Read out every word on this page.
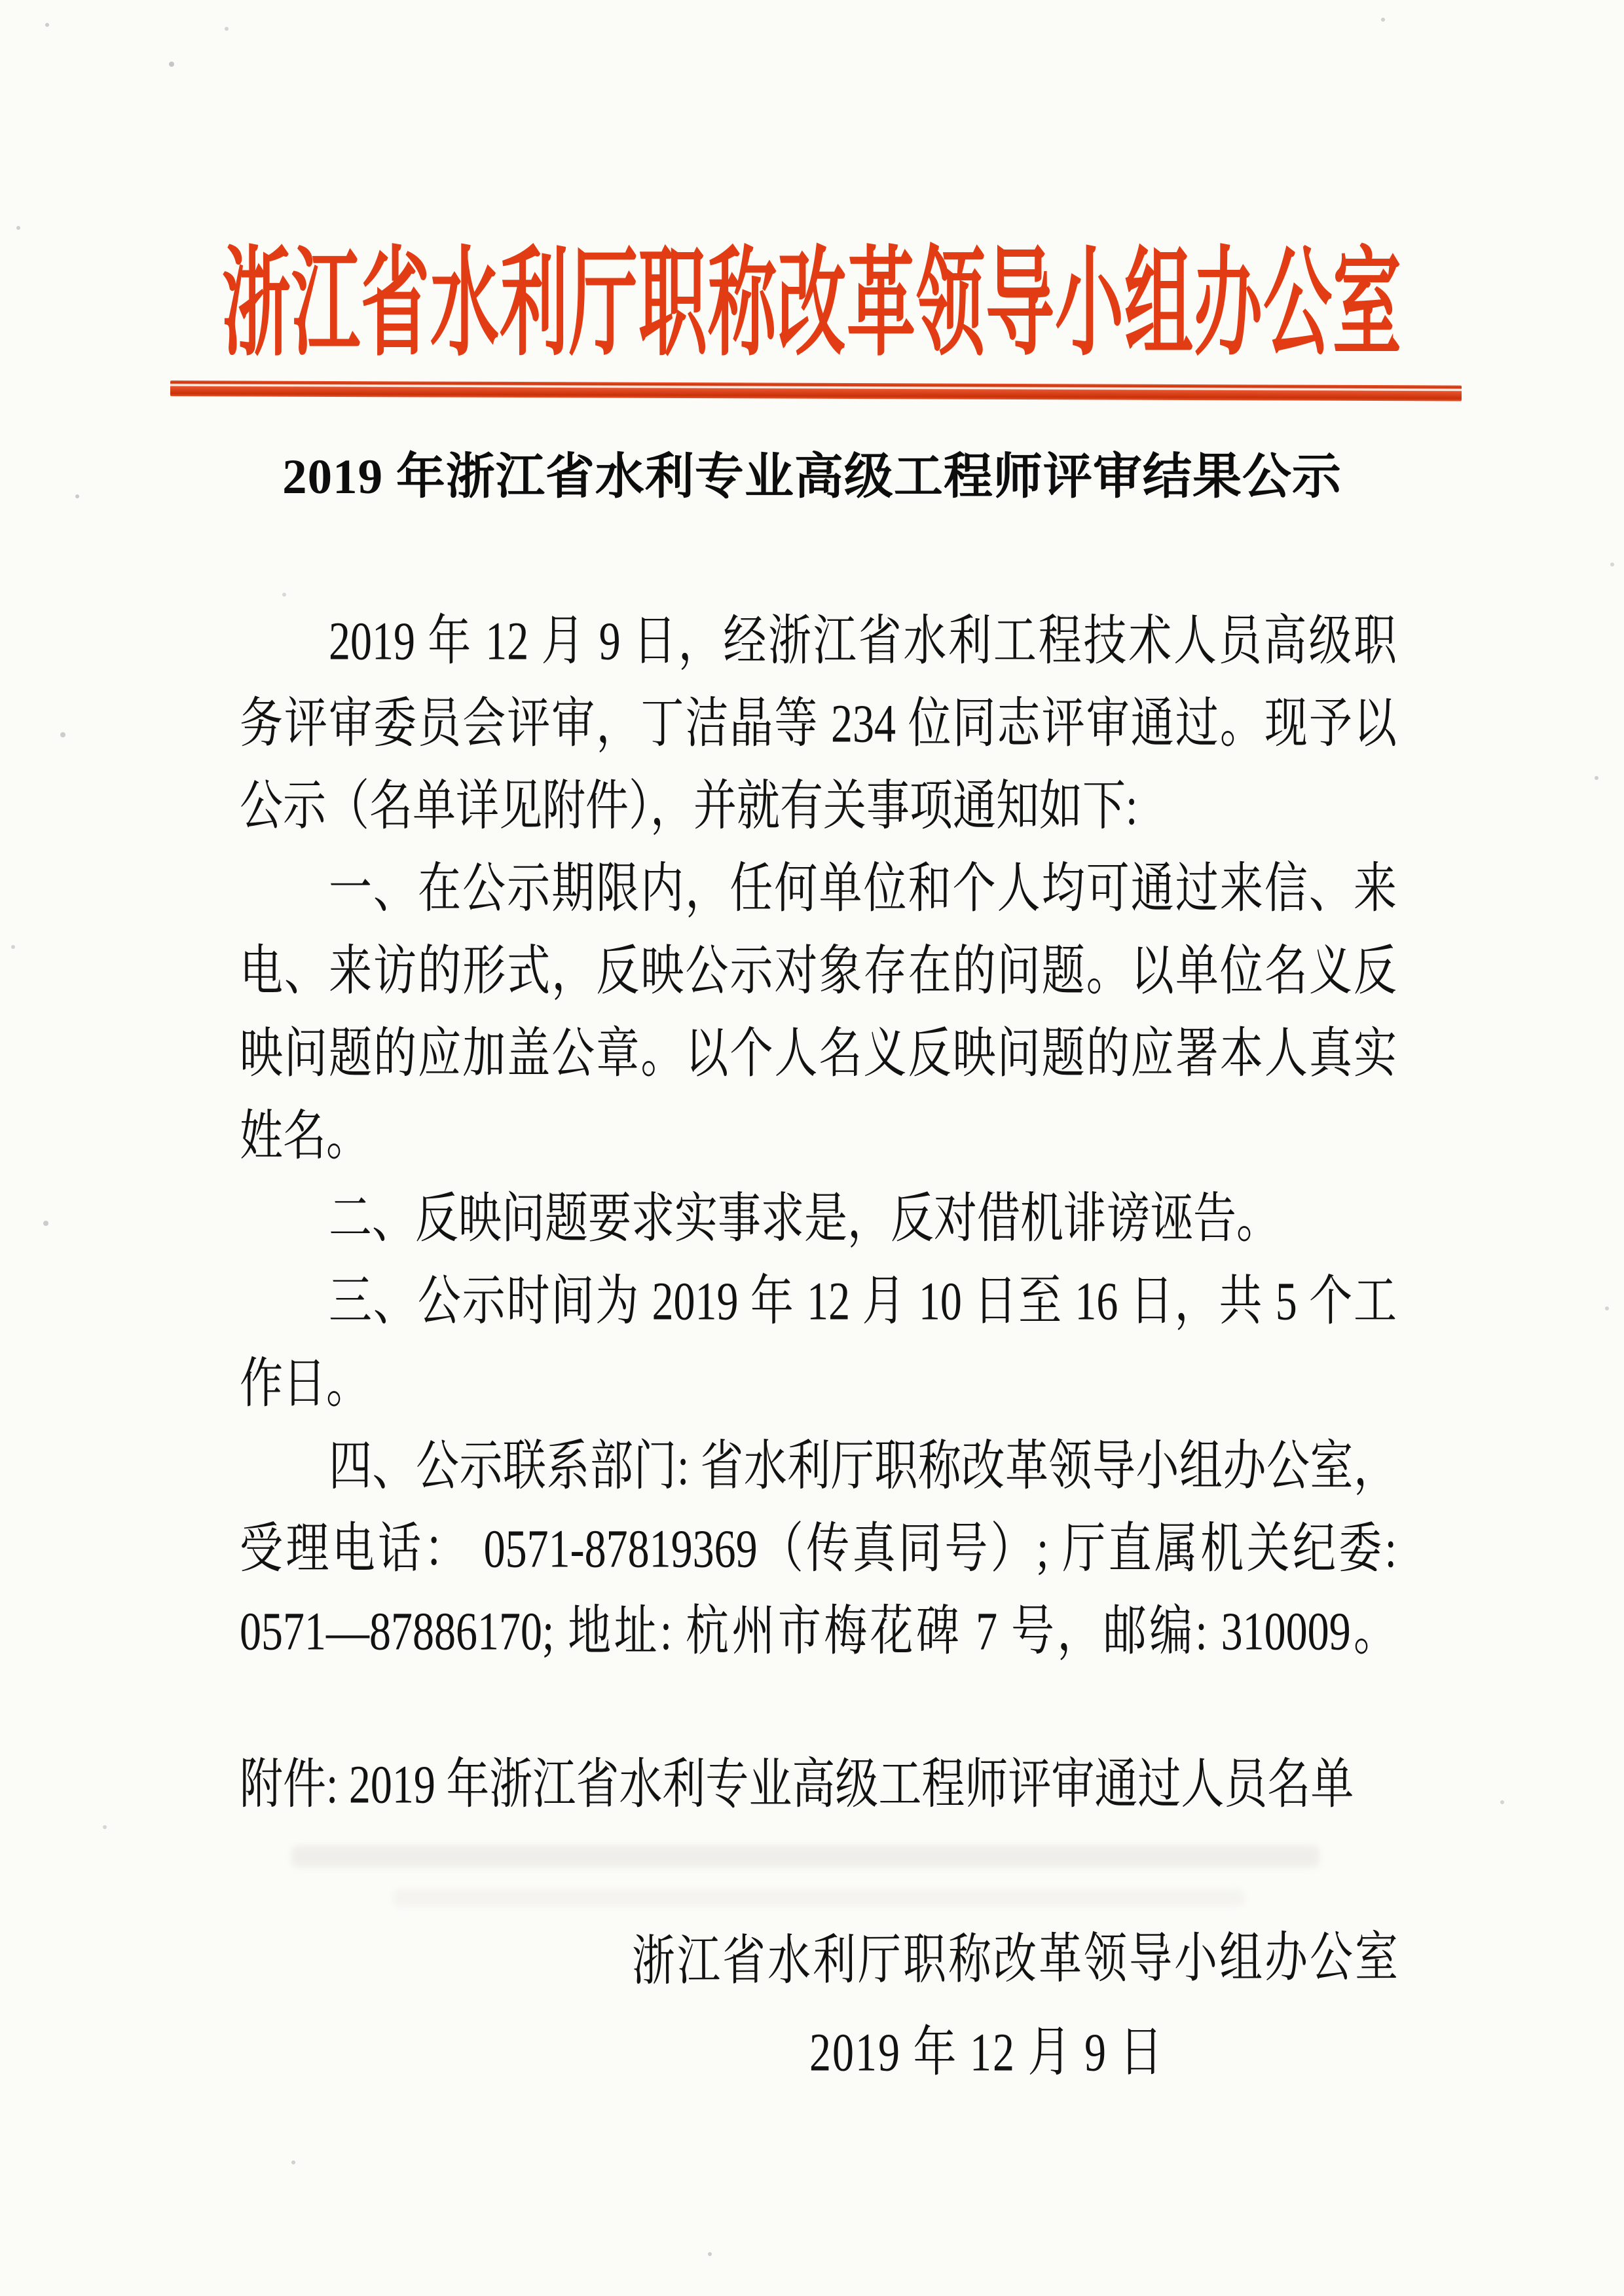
浙江省水利厅职称改革领导小组办公室
2019 年浙江省水利专业高级工程师评审结果公示
2019 年 12 月 9 日，经浙江省水利工程技术人员高级职
务评审委员会评审，丁洁晶等 234 位同志评审通过。现予以
公示（名单详见附件），并就有关事项通知如下:
一、在公示期限内，任何单位和个人均可通过来信、来
电、来访的形式，反映公示对象存在的问题。以单位名义反
映问题的应加盖公章。以个人名义反映问题的应署本人真实
姓名。
二、反映问题要求实事求是，反对借机诽谤诬告。
三、公示时间为 2019 年 12 月 10 日至 16 日，共 5 个工
作日。
四、公示联系部门: 省水利厅职称改革领导小组办公室，
受理电话： 0571-87819369（传真同号）; 厅直属机关纪委:
0571—87886170; 地址: 杭州市梅花碑 7 号，邮编: 310009。
附件: 2019 年浙江省水利专业高级工程师评审通过人员名单
浙江省水利厅职称改革领导小组办公室
2019 年 12 月 9 日
